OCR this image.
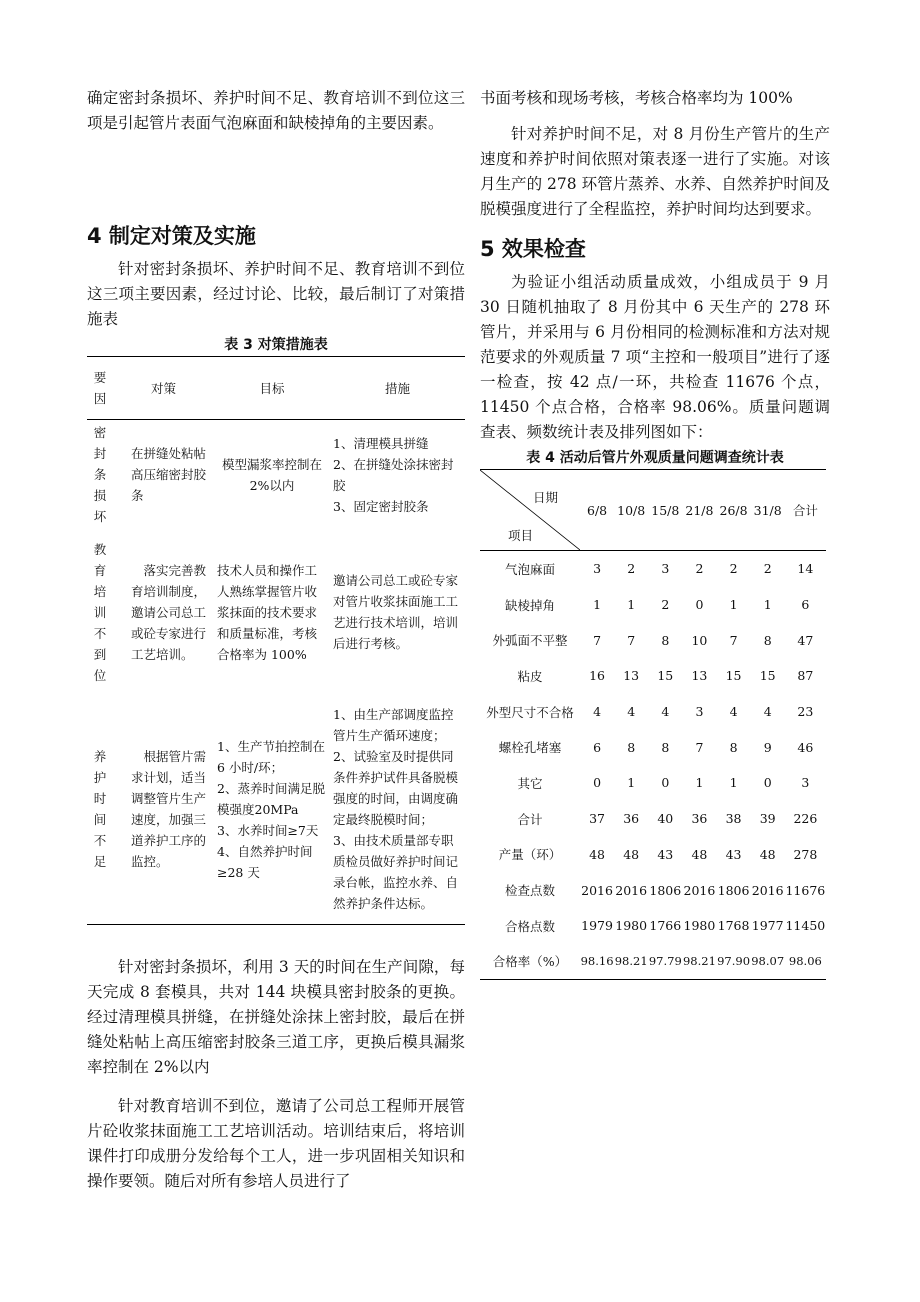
确定密封条损坏、养护时间不足、教育培训不到位这三项是引起管片表面气泡麻面和缺棱掉角的主要因素。

4 制定对策及实施

针对密封条损坏、养护时间不足、教育培训不到位这三项主要因素，经过讨论、比较，最后制订了对策措施表

表 3 对策措施表
要因	对策	目标	措施
密封条损坏	在拼缝处粘帖高压缩密封胶条	模型漏浆率控制在 2%以内	1、清理模具拼缝
2、在拼缝处涂抹密封胶
3、固定密封胶条
教育培训不到位	落实完善教育培训制度，邀请公司总工或砼专家进行工艺培训。	技术人员和操作工人熟练掌握管片收浆抹面的技术要求和质量标准，考核合格率为 100%	邀请公司总工或砼专家对管片收浆抹面施工工艺进行技术培训，培训后进行考核。
养护时间不足	根据管片需求计划，适当调整管片生产速度，加强三道养护工序的监控。	1、生产节拍控制在 6 小时/环；
2、蒸养时间满足脱模强度20MPa
3、水养时间≥7天
4、自然养护时间≥28 天	1、由生产部调度监控管片生产循环速度；
2、试验室及时提供同条件养护试件具备脱模强度的时间，由调度确定最终脱模时间；
3、由技术质量部专职质检员做好养护时间记录台帐，监控水养、自然养护条件达标。

针对密封条损坏，利用 3 天的时间在生产间隙，每天完成 8 套模具，共对 144 块模具密封胶条的更换。经过清理模具拼缝，在拼缝处涂抹上密封胶，最后在拼缝处粘帖上高压缩密封胶条三道工序，更换后模具漏浆率控制在 2%以内

针对教育培训不到位，邀请了公司总工程师开展管片砼收浆抹面施工工艺培训活动。培训结束后，将培训课件打印成册分发给每个工人，进一步巩固相关知识和操作要领。随后对所有参培人员进行了

书面考核和现场考核，考核合格率均为 100%

针对养护时间不足，对 8 月份生产管片的生产速度和养护时间依照对策表逐一进行了实施。对该月生产的 278 环管片蒸养、水养、自然养护时间及脱模强度进行了全程监控，养护时间均达到要求。

5 效果检查

为验证小组活动质量成效，小组成员于 9 月 30 日随机抽取了 8 月份其中 6 天生产的 278 环管片，并采用与 6 月份相同的检测标准和方法对规范要求的外观质量 7 项“主控和一般项目”进行了逐一检查，按 42 点/一环，共检查 11676 个点，11450 个点合格，合格率 98.06%。质量问题调查表、频数统计表及排列图如下：

表 4 活动后管片外观质量问题调查统计表
日期
项目	6/8	10/8	15/8	21/8	26/8	31/8	合计
气泡麻面	3	2	3	2	2	2	14
缺棱掉角	1	1	2	0	1	1	6
外弧面不平整	7	7	8	10	7	8	47
粘皮	16	13	15	13	15	15	87
外型尺寸不合格	4	4	4	3	4	4	23
螺栓孔堵塞	6	8	8	7	8	9	46
其它	0	1	0	1	1	0	3
合计	37	36	40	36	38	39	226
产量（环）	48	48	43	48	43	48	278
检查点数	2016	2016	1806	2016	1806	2016	11676
合格点数	1979	1980	1766	1980	1768	1977	11450
合格率（%）	98.16	98.21	97.79	98.21	97.90	98.07	98.06
